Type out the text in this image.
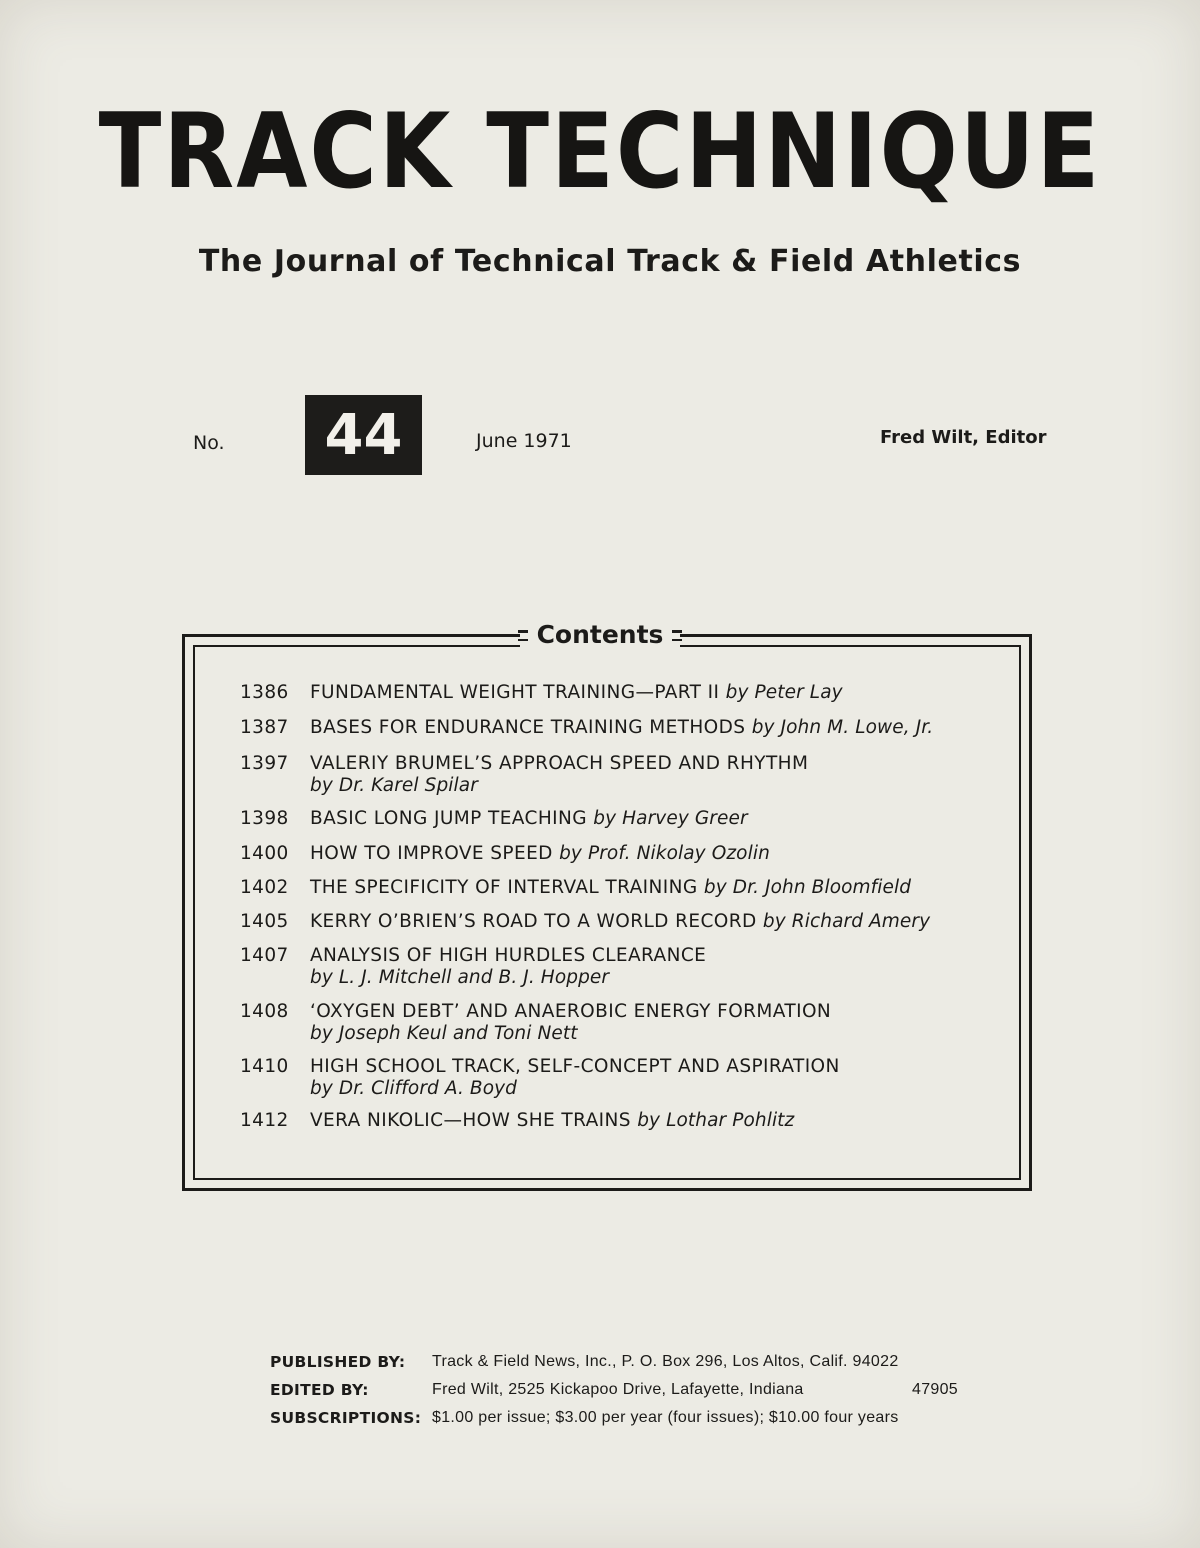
TRACK TECHNIQUE
The Journal of Technical Track & Field Athletics
No.	44	June 1971	Fred Wilt, Editor
Contents
1386	FUNDAMENTAL WEIGHT TRAINING—PART II by Peter Lay
1387	BASES FOR ENDURANCE TRAINING METHODS by John M. Lowe, Jr.
1397	VALERIY BRUMEL’S APPROACH SPEED AND RHYTHM
by Dr. Karel Spilar
1398	BASIC LONG JUMP TEACHING by Harvey Greer
1400	HOW TO IMPROVE SPEED by Prof. Nikolay Ozolin
1402	THE SPECIFICITY OF INTERVAL TRAINING by Dr. John Bloomfield
1405	KERRY O’BRIEN’S ROAD TO A WORLD RECORD by Richard Amery
1407	ANALYSIS OF HIGH HURDLES CLEARANCE
by L. J. Mitchell and B. J. Hopper
1408	‘OXYGEN DEBT’ AND ANAEROBIC ENERGY FORMATION
by Joseph Keul and Toni Nett
1410	HIGH SCHOOL TRACK, SELF-CONCEPT AND ASPIRATION
by Dr. Clifford A. Boyd
1412	VERA NIKOLIC—HOW SHE TRAINS by Lothar Pohlitz
PUBLISHED BY: Track & Field News, Inc., P. O. Box 296, Los Altos, Calif. 94022
EDITED BY:	Fred Wilt, 2525 Kickapoo Drive, Lafayette, Indiana	47905
SUBSCRIPTIONS: $1.00 per issue; $3.00 per year (four issues); $10.00 four years
